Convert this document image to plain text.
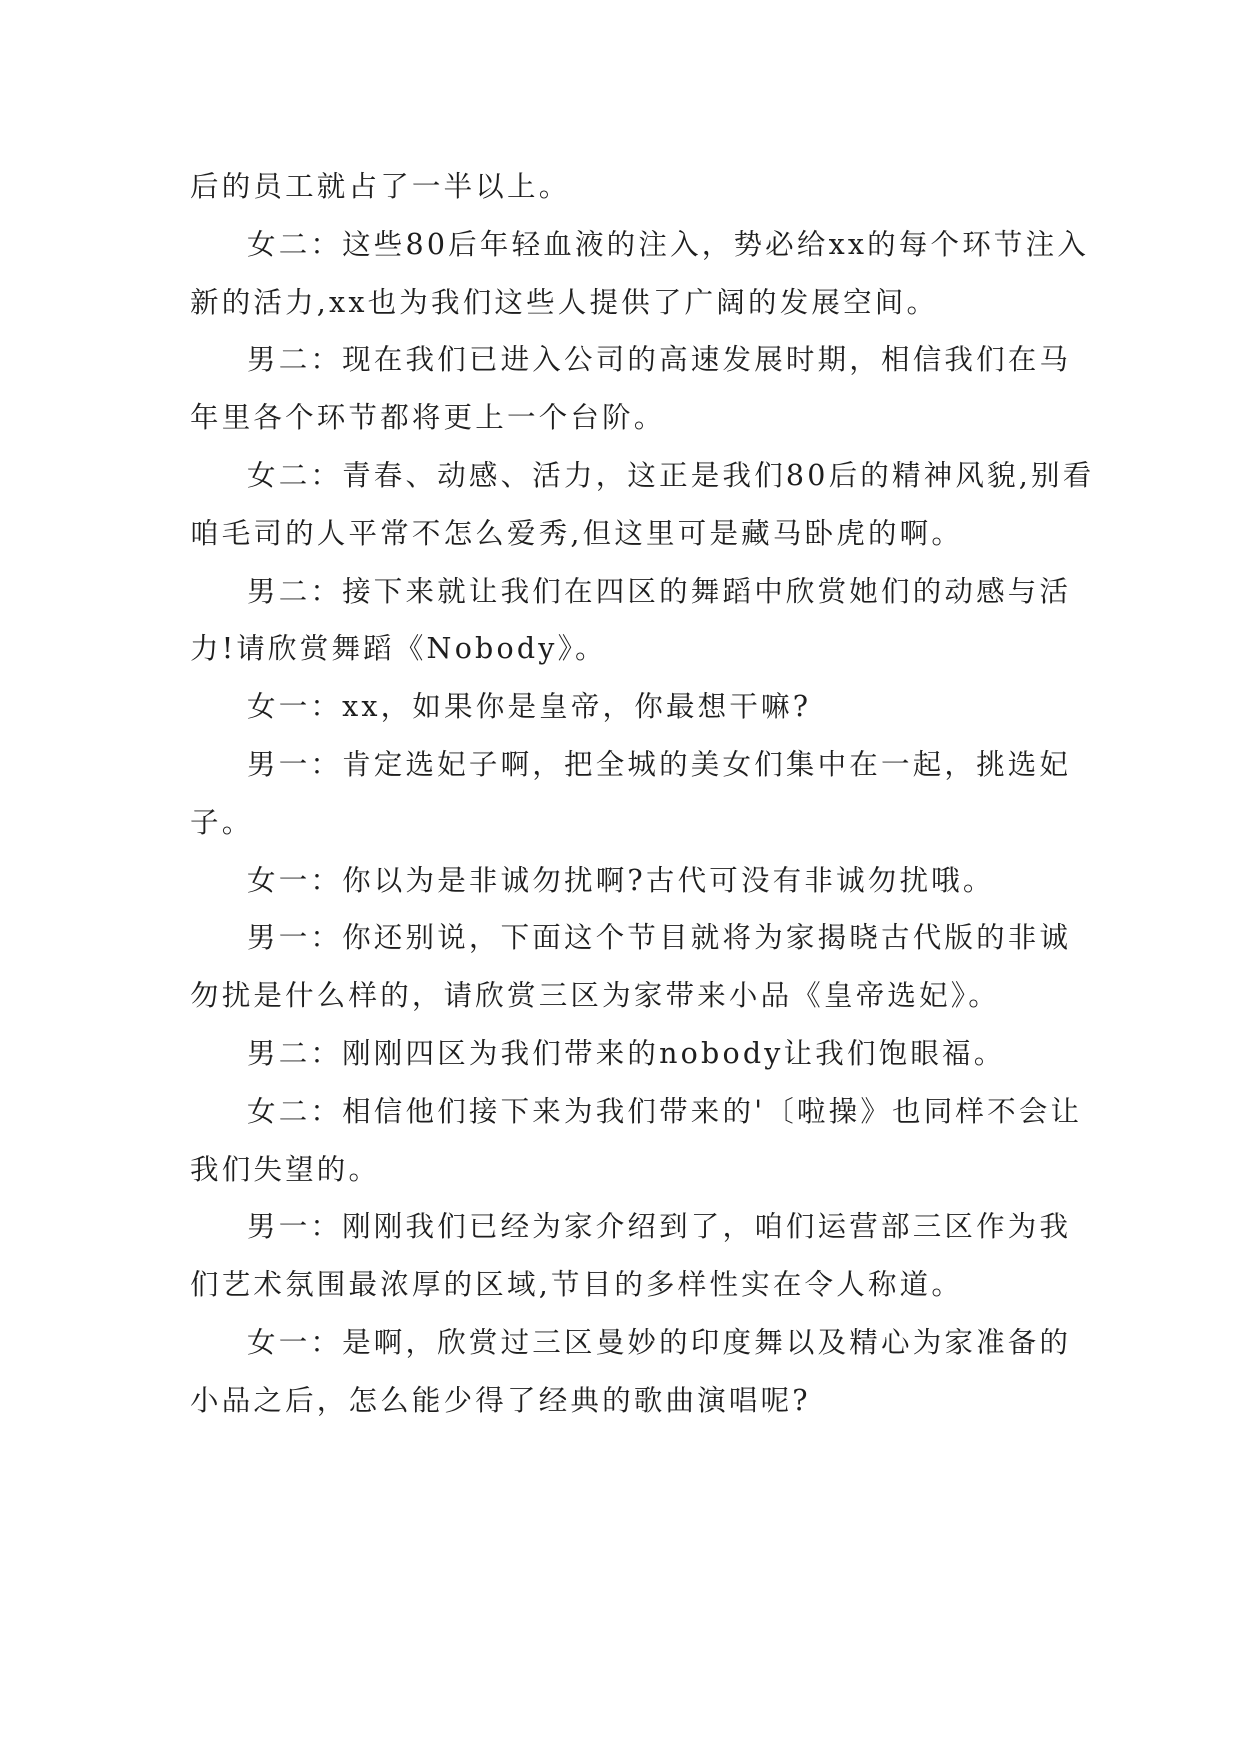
后的员工就占了一半以上。

女二：这些80后年轻血液的注入，势必给xx的每个环节注入新的活力,xx也为我们这些人提供了广阔的发展空间。

男二：现在我们已进入公司的高速发展时期，相信我们在马年里各个环节都将更上一个台阶。

女二：青春、动感、活力，这正是我们80后的精神风貌,别看咱毛司的人平常不怎么爱秀,但这里可是藏马卧虎的啊。

男二：接下来就让我们在四区的舞蹈中欣赏她们的动感与活力!请欣赏舞蹈《Nobody》。

女一：xx，如果你是皇帝，你最想干嘛?

男一：肯定选妃子啊，把全城的美女们集中在一起，挑选妃子。

女一：你以为是非诚勿扰啊?古代可没有非诚勿扰哦。

男一：你还别说，下面这个节目就将为家揭晓古代版的非诚勿扰是什么样的，请欣赏三区为家带来小品《皇帝选妃》。

男二：刚刚四区为我们带来的nobody让我们饱眼福。

女二：相信他们接下来为我们带来的'〔啦操》也同样不会让我们失望的。

男一：刚刚我们已经为家介绍到了，咱们运营部三区作为我们艺术氛围最浓厚的区域,节目的多样性实在令人称道。

女一：是啊，欣赏过三区曼妙的印度舞以及精心为家准备的小品之后，怎么能少得了经典的歌曲演唱呢?
